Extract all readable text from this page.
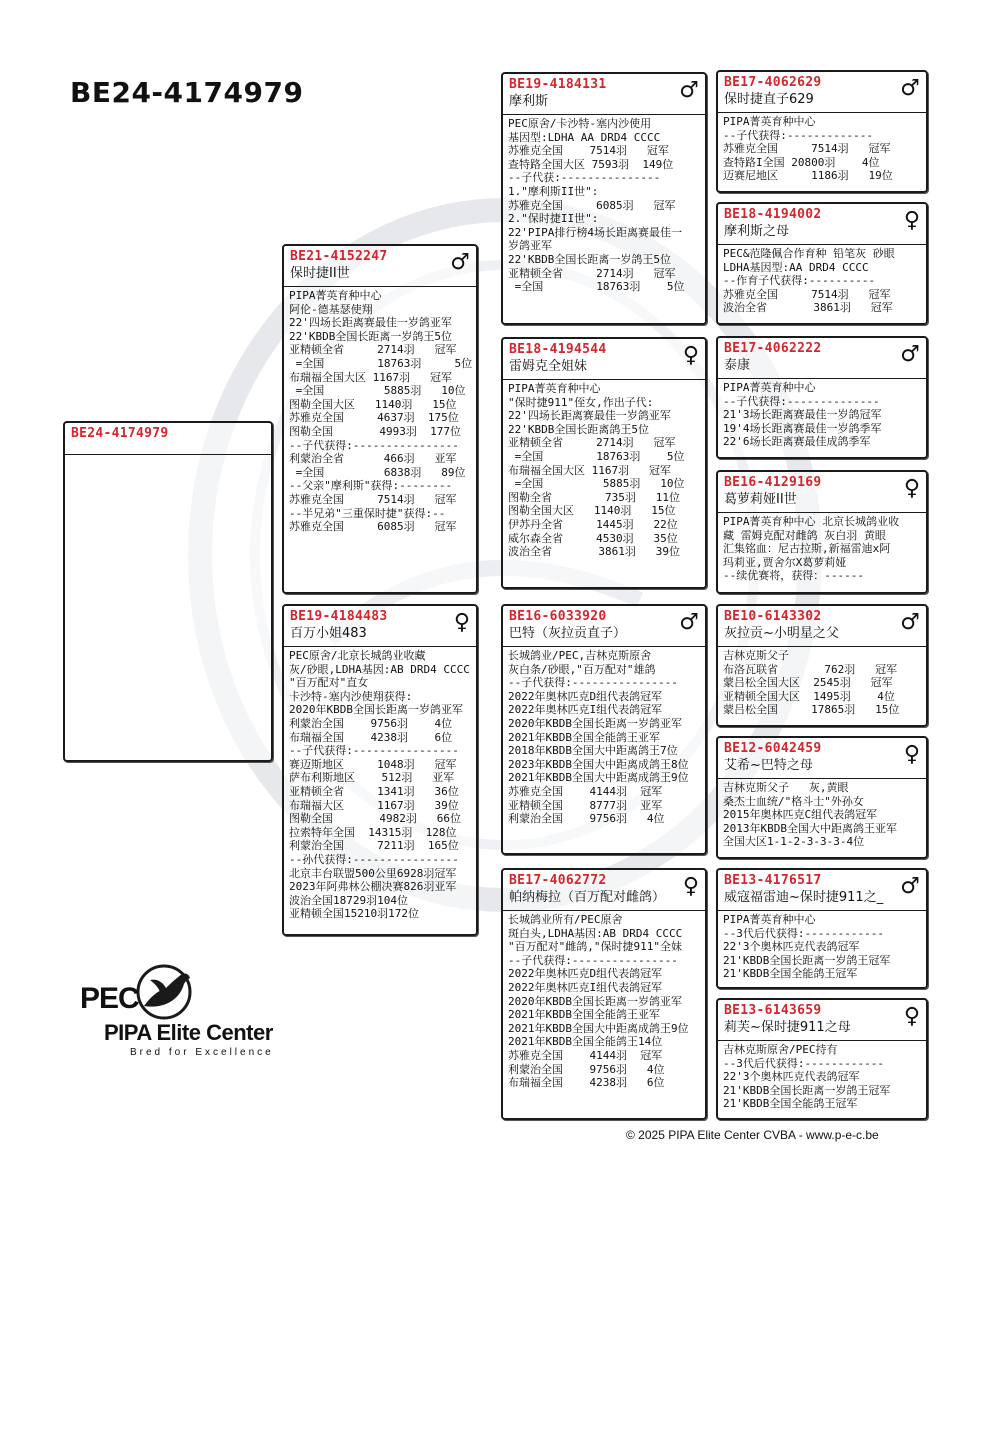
BE24-4174979
BE24-4174979
BE21-4152247
保时捷II世	♂
PIPA菁英育种中心
阿伦-德基瑟使翔
22'四场长距离赛最佳一岁鸽亚军
22'KBDB全国长距离一岁鸽王5位
亚精顿全省     2714羽   冠军
=全国        18763羽     5位
布瑞福全国大区 1167羽   冠军
=全国         5885羽   10位
图勒全国大区   1140羽   15位
苏雅克全国     4637羽  175位
图勒全国       4993羽  177位
--子代获得:----------------
利蒙治全省      466羽   亚军
=全国         6838羽   89位
--父亲"摩利斯"获得:--------
苏雅克全国     7514羽   冠军
--半兄弟"三重保时捷"获得:--
苏雅克全国     6085羽   冠军
BE19-4184483
百万小姐483	♀
PEC原舍/北京长城鸽业收藏
灰/砂眼,LDHA基因:AB DRD4 CCCC
"百万配对"直女
卡沙特-塞内沙使翔获得:
2020年KBDB全国长距离一岁鸽亚军
利蒙治全国    9756羽    4位
布瑞福全国    4238羽    6位
--子代获得:----------------
赛迈斯地区     1048羽   冠军
萨布利斯地区    512羽   亚军
亚精顿全省     1341羽   36位
布瑞福大区     1167羽   39位
图勒全国       4982羽   66位
拉索特年全国  14315羽  128位
利蒙治全国     7211羽  165位
--孙代获得:----------------
北京丰台联盟500公里6928羽冠军
2023年阿弗林公棚决赛826羽亚军
波治全国18729羽104位
亚精顿全国15210羽172位
BE19-4184131
摩利斯	♂
PEC原舍/卡沙特-塞内沙使用
基因型:LDHA AA DRD4 CCCC
苏雅克全国    7514羽   冠军
查特路全国大区 7593羽  149位
--子代获:---------------
1."摩利斯II世":
苏雅克全国     6085羽   冠军
2."保时捷II世":
22'PIPA排行榜4场长距离赛最佳一
岁鸽亚军
22'KBDB全国长距离一岁鸽王5位
亚精顿全省     2714羽   冠军
=全国        18763羽    5位
BE18-4194544
雷姆克全姐妹	♀
PIPA菁英育种中心
"保时捷911"侄女,作出子代:
22'四场长距离赛最佳一岁鸽亚军
22'KBDB全国长距离鸽王5位
亚精顿全省     2714羽   冠军
=全国        18763羽    5位
布瑞福全国大区 1167羽   冠军
=全国         5885羽   10位
图勒全省        735羽   11位
图勒全国大区   1140羽   15位
伊苏丹全省     1445羽   22位
威尔森全省     4530羽   35位
波治全省       3861羽   39位
BE16-6033920
巴特（灰拉贡直子）	♂
长城鸽业/PEC,吉林克斯原舍
灰白条/砂眼,"百万配对"雄鸽
--子代获得:----------------
2022年奥林匹克D组代表鸽冠军
2022年奥林匹克I组代表鸽冠军
2020年KBDB全国长距离一岁鸽亚军
2021年KBDB全国全能鸽王亚军
2018年KBDB全国大中距离鸽王7位
2023年KBDB全国大中距离成鸽王8位
2021年KBDB全国大中距离成鸽王9位
苏雅克全国    4144羽  冠军
亚精顿全国    8777羽  亚军
利蒙治全国    9756羽   4位
BE17-4062772
帕纳梅拉（百万配对雌鸽） ♀
长城鸽业所有/PEC原舍
斑白头,LDHA基因:AB DRD4 CCCC
"百万配对"雌鸽,"保时捷911"全妹
--子代获得:----------------
2022年奥林匹克D组代表鸽冠军
2022年奥林匹克I组代表鸽冠军
2020年KBDB全国长距离一岁鸽亚军
2021年KBDB全国全能鸽王亚军
2021年KBDB全国大中距离成鸽王9位
2021年KBDB全国全能鸽王14位
苏雅克全国    4144羽  冠军
利蒙治全国    9756羽   4位
布瑞福全国    4238羽   6位
BE17-4062629
保时捷直子629	♂
PIPA菁英育种中心
--子代获得:-------------
苏雅克全国     7514羽   冠军
查特路I全国 20800羽    4位
迈赛尼地区     1186羽   19位
BE18-4194002
摩利斯之母	♀
PEC&范隆佩合作育种 铅笔灰 砂眼
LDHA基因型:AA DRD4 CCCC
--作育子代获得:----------
苏雅克全国     7514羽   冠军
波治全省       3861羽   冠军
BE17-4062222
泰康	♂
PIPA菁英育种中心
--子代获得:--------------
21'3场长距离赛最佳一岁鸽冠军
19'4场长距离赛最佳一岁鸽季军
22'6场长距离赛最佳成鸽季军
BE16-4129169
葛萝莉娅II世	♀
PIPA菁英育种中心 北京长城鸽业收
藏 雷姆克配对雌鸽 灰白羽 黄眼
汇集铭血：尼古拉斯,新福雷迪x阿
玛莉亚,贾舍尔X葛萝莉娅
--续优赛将，获得：------
BE10-6143302
灰拉贡~小明星之父	♂
吉林克斯父子
布洛瓦联省       762羽   冠军
蒙吕松全国大区  2545羽   冠军
亚精顿全国大区  1495羽    4位
蒙吕松全国     17865羽   15位
BE12-6042459
艾希~巴特之母	♀
吉林克斯父子   灰,黄眼
桑杰士血统/"格斗士"外孙女
2015年奥林匹克C组代表鸽冠军
2013年KBDB全国大中距离鸽王亚军
全国大区1-1-2-3-3-3-4位
BE13-4176517
威寇福雷迪~保时捷911之_ ♂
PIPA菁英育种中心
--3代后代获得:------------
22'3个奥林匹克代表鸽冠军
21'KBDB全国长距离一岁鸽王冠军
21'KBDB全国全能鸽王冠军
BE13-6143659
莉芙~保时捷911之母	♀
吉林克斯原舍/PEC持有
--3代后代获得:------------
22'3个奥林匹克代表鸽冠军
21'KBDB全国长距离一岁鸽王冠军
21'KBDB全国全能鸽王冠军
PEC
PIPA Elite Center
Bred for Excellence
© 2025 PIPA Elite Center CVBA - www.p-e-c.be
